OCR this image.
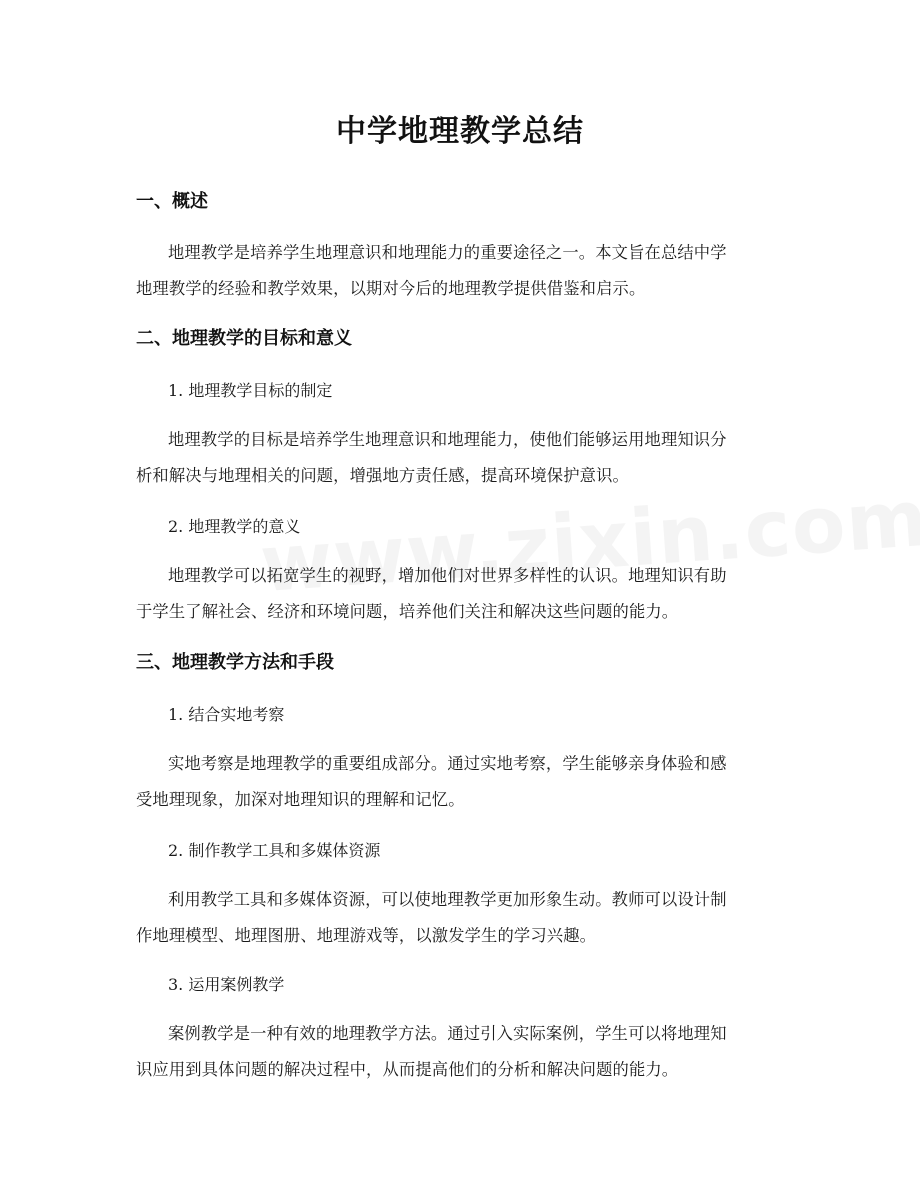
中学地理教学总结
一、概述
地理教学是培养学生地理意识和地理能力的重要途径之一。本文旨在总结中学
地理教学的经验和教学效果，以期对今后的地理教学提供借鉴和启示。
二、地理教学的目标和意义
1. 地理教学目标的制定
地理教学的目标是培养学生地理意识和地理能力，使他们能够运用地理知识分
析和解决与地理相关的问题，增强地方责任感，提高环境保护意识。
2. 地理教学的意义
地理教学可以拓宽学生的视野，增加他们对世界多样性的认识。地理知识有助
于学生了解社会、经济和环境问题，培养他们关注和解决这些问题的能力。
三、地理教学方法和手段
1. 结合实地考察
实地考察是地理教学的重要组成部分。通过实地考察，学生能够亲身体验和感
受地理现象，加深对地理知识的理解和记忆。
2. 制作教学工具和多媒体资源
利用教学工具和多媒体资源，可以使地理教学更加形象生动。教师可以设计制
作地理模型、地理图册、地理游戏等，以激发学生的学习兴趣。
3. 运用案例教学
案例教学是一种有效的地理教学方法。通过引入实际案例，学生可以将地理知
识应用到具体问题的解决过程中，从而提高他们的分析和解决问题的能力。
